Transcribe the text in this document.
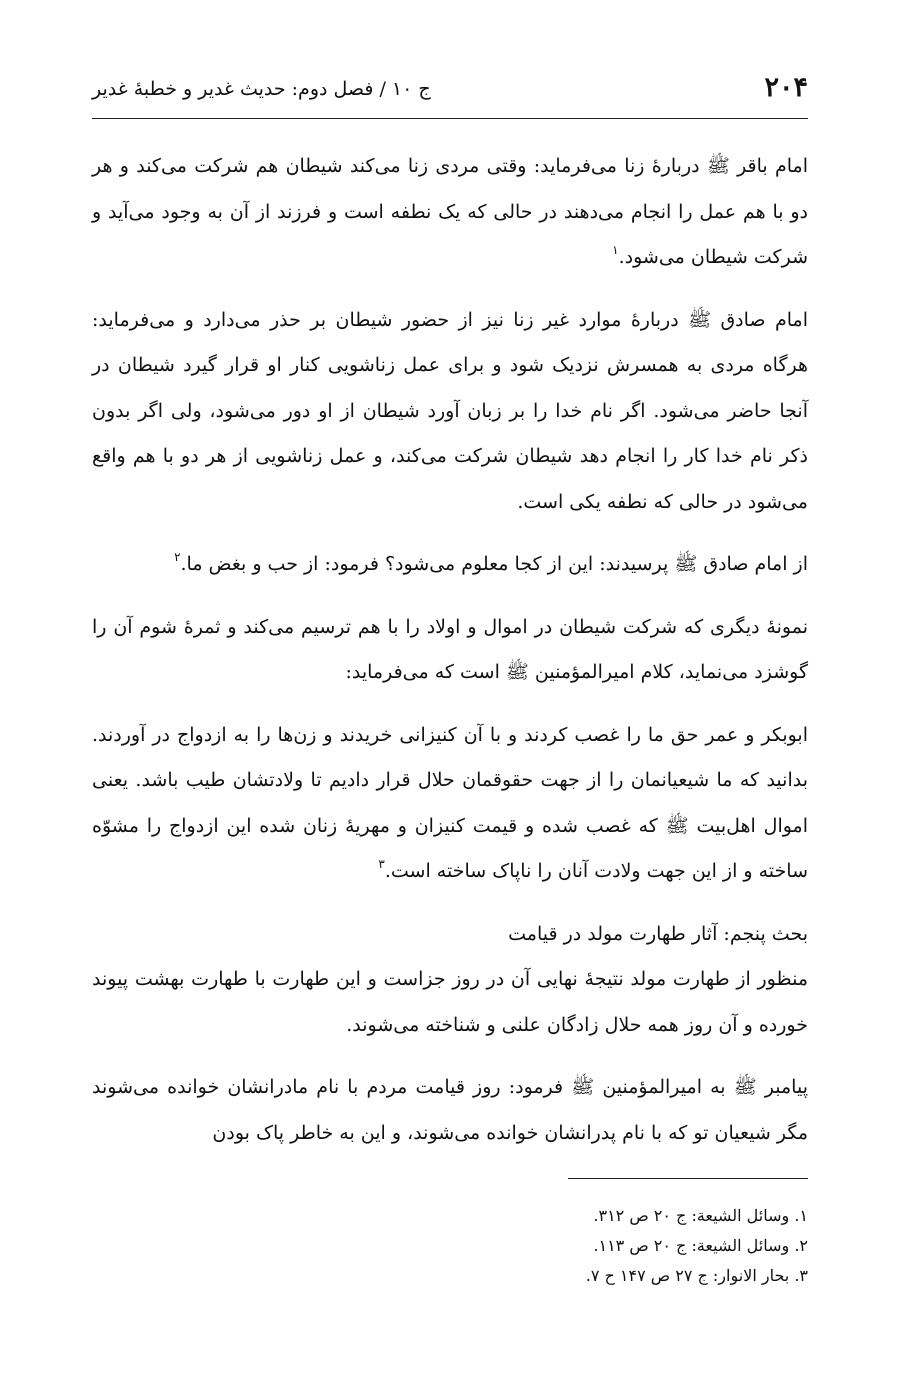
۲۰۴
ج ۱۰ / فصل دوم: حدیث غدیر و خطبهٔ غدیر

امام باقر ﷺ دربارهٔ زنا می‌فرماید: وقتی مردی زنا می‌کند شیطان هم شرکت می‌کند و هر دو با هم عمل را انجام می‌دهند در حالی که یک نطفه است و فرزند از آن به وجود می‌آید و شرکت شیطان می‌شود.$^۱$

امام صادق ﷺ دربارهٔ موارد غیر زنا نیز از حضور شیطان بر حذر می‌دارد و می‌فرماید: هرگاه مردی به همسرش نزدیک شود و برای عمل زناشویی کنار او قرار گیرد شیطان در آنجا حاضر می‌شود. اگر نام خدا را بر زبان آورد شیطان از او دور می‌شود، ولی اگر بدون ذکر نام خدا کار را انجام دهد شیطان شرکت می‌کند، و عمل زناشویی از هر دو با هم واقع می‌شود در حالی که نطفه یکی است.

از امام صادق ﷺ پرسیدند: این از کجا معلوم می‌شود؟ فرمود: از حب و بغض ما.$^۲$

نمونهٔ دیگری که شرکت شیطان در اموال و اولاد را با هم ترسیم می‌کند و ثمرهٔ شوم آن را گوشزد می‌نماید، کلام امیرالمؤمنین ﷺ است که می‌فرماید:

ابوبکر و عمر حق ما را غصب کردند و با آن کنیزانی خریدند و زن‌ها را به ازدواج در آوردند. بدانید که ما شیعیانمان را از جهت حقوقمان حلال قرار دادیم تا ولادتشان طیب باشد. یعنی اموال اهل‌بیت ﷺ که غصب شده و قیمت کنیزان و مهریهٔ زنان شده این ازدواج را مشوّه ساخته و از این جهت ولادت آنان را ناپاک ساخته است.$^۳$

بحث پنجم: آثار طهارت مولد در قیامت

منظور از طهارت مولد نتیجهٔ نهایی آن در روز جزاست و این طهارت با طهارت بهشت پیوند خورده و آن روز همه حلال زادگان علنی و شناخته می‌شوند.

پیامبر ﷺ به امیرالمؤمنین ﷺ فرمود: روز قیامت مردم با نام مادرانشان خوانده می‌شوند مگر شیعیان تو که با نام پدرانشان خوانده می‌شوند، و این به خاطر پاک بودن

۱. وسائل الشیعة: ج ۲۰ ص ۳۱۲.
۲. وسائل الشیعة: ج ۲۰ ص ۱۱۳.
۳. بحار الانوار: ج ۲۷ ص ۱۴۷ ح ۷.
